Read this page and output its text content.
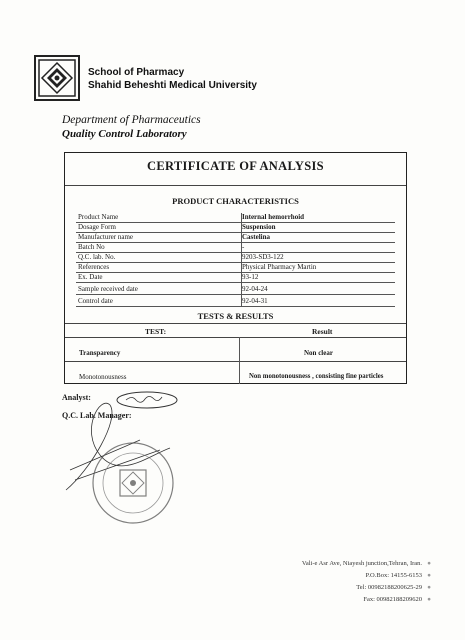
School of Pharmacy
Shahid Beheshti Medical University
Department of Pharmaceutics
Quality Control Laboratory
CERTIFICATE OF ANALYSIS
PRODUCT CHARACTERISTICS
Product Name	Internal hemorrhoid
Dosage Form	Suspension
Manufacturer name	Castelina
Batch No	-
Q.C. lab. No.	9203-SD3-122
References	Physical Pharmacy Martin
Ex. Date	93-12
Sample received date	92-04-24
Control date	92-04-31
TESTS & RESULTS
TEST:	Result
Transparency	Non clear
Monotonousness	Non monotonousness , consisting fine particles
Analyst:
Q.C. Lab. Manager:
Vali-e Asr Ave, Niayesh junction,Tehran, Iran. ●
P.O.Box: 14155-6153 ●
Tel: 00982188200625-29 ●
Fax: 00982188209620 ●
